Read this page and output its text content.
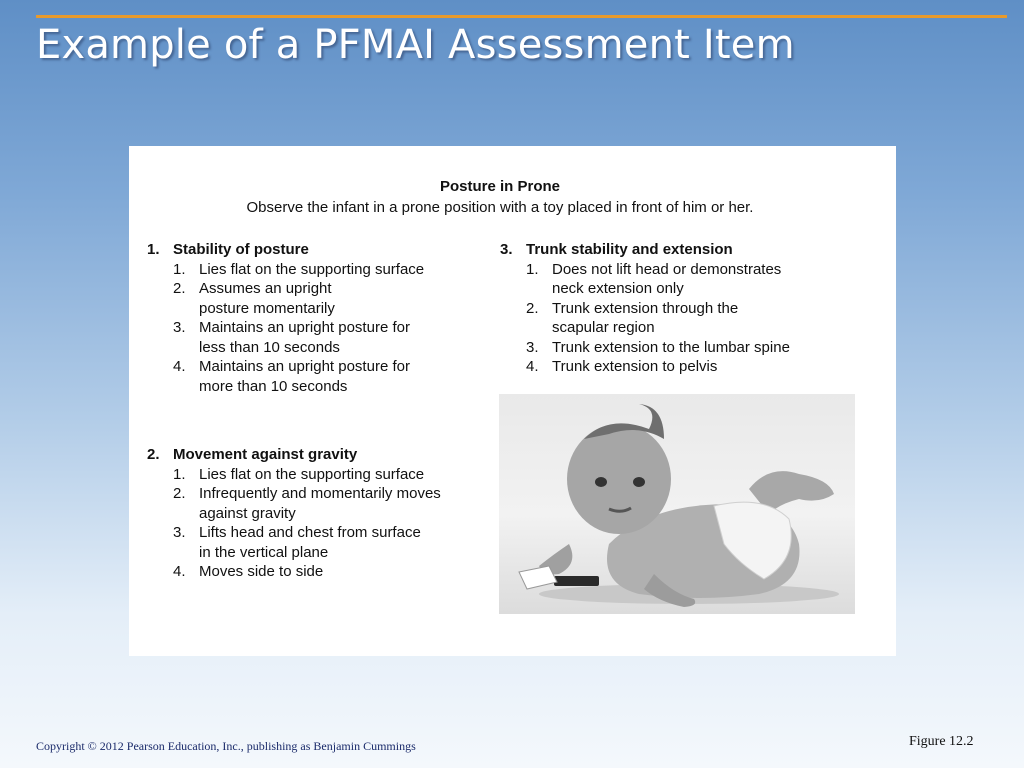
Example of a PFMAI Assessment Item
Posture in Prone
Observe the infant in a prone position with a toy placed in front of him or her.
1. Stability of posture
1. Lies flat on the supporting surface
2. Assumes an upright
posture momentarily
3. Maintains an upright posture for
less than 10 seconds
4. Maintains an upright posture for
more than 10 seconds
2. Movement against gravity
1. Lies flat on the supporting surface
2. Infrequently and momentarily moves
against gravity
3. Lifts head and chest from surface
in the vertical plane
4. Moves side to side
3. Trunk stability and extension
1. Does not lift head or demonstrates
neck extension only
2. Trunk extension through the
scapular region
3. Trunk extension to the lumbar spine
4. Trunk extension to pelvis
Copyright © 2012 Pearson Education, Inc., publishing as Benjamin Cummings	Figure 12.2
